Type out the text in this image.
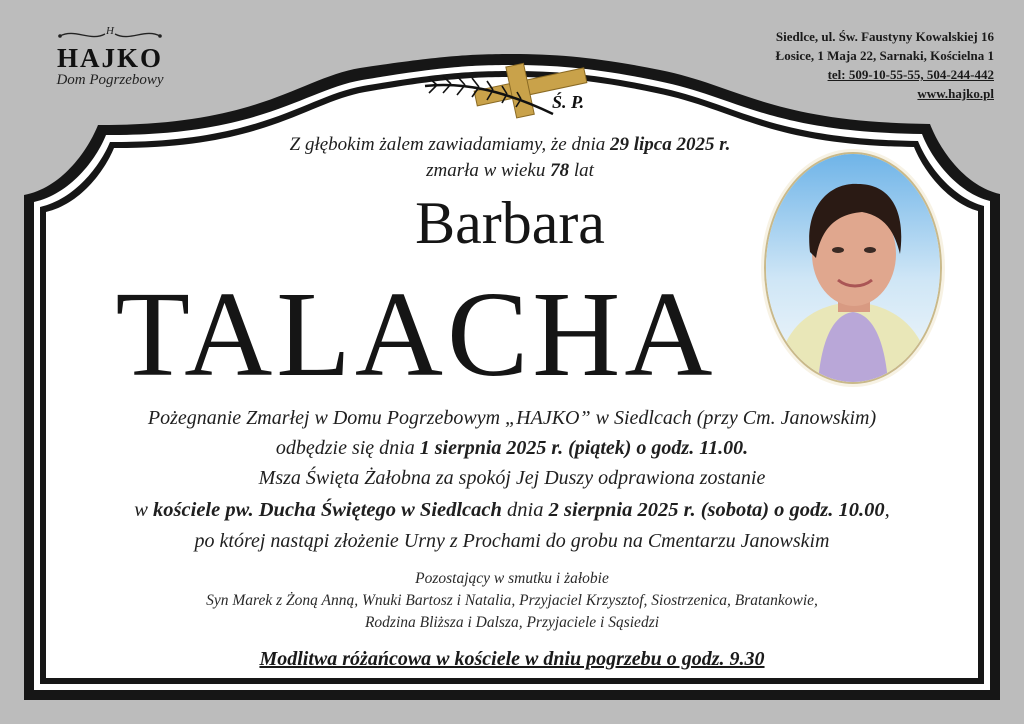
H
HAJKO
Dom Pogrzebowy
Siedlce, ul. Św. Faustyny Kowalskiej 16
Łosice, 1 Maja 22, Sarnaki, Kościelna 1
tel: 509-10-55-55, 504-244-442
www.hajko.pl
Ś. P.
Z głębokim żalem zawiadamiamy, że dnia 29 lipca 2025 r.
zmarła w wieku 78 lat
Barbara
TALACHA
Pożegnanie Zmarłej w Domu Pogrzebowym „HAJKO” w Siedlcach (przy Cm. Janowskim)
odbędzie się dnia 1 sierpnia 2025 r. (piątek) o godz. 11.00.
Msza Święta Żałobna za spokój Jej Duszy odprawiona zostanie
w kościele pw. Ducha Świętego w Siedlcach dnia 2 sierpnia 2025 r. (sobota) o godz. 10.00,
po której nastąpi złożenie Urny z Prochami do grobu na Cmentarzu Janowskim
Pozostający w smutku i żałobie
Syn Marek z Żoną Anną, Wnuki Bartosz i Natalia, Przyjaciel Krzysztof, Siostrzenica, Bratankowie,
Rodzina Bliższa i Dalsza, Przyjaciele i Sąsiedzi
Modlitwa różańcowa w kościele w dniu pogrzebu o godz. 9.30
